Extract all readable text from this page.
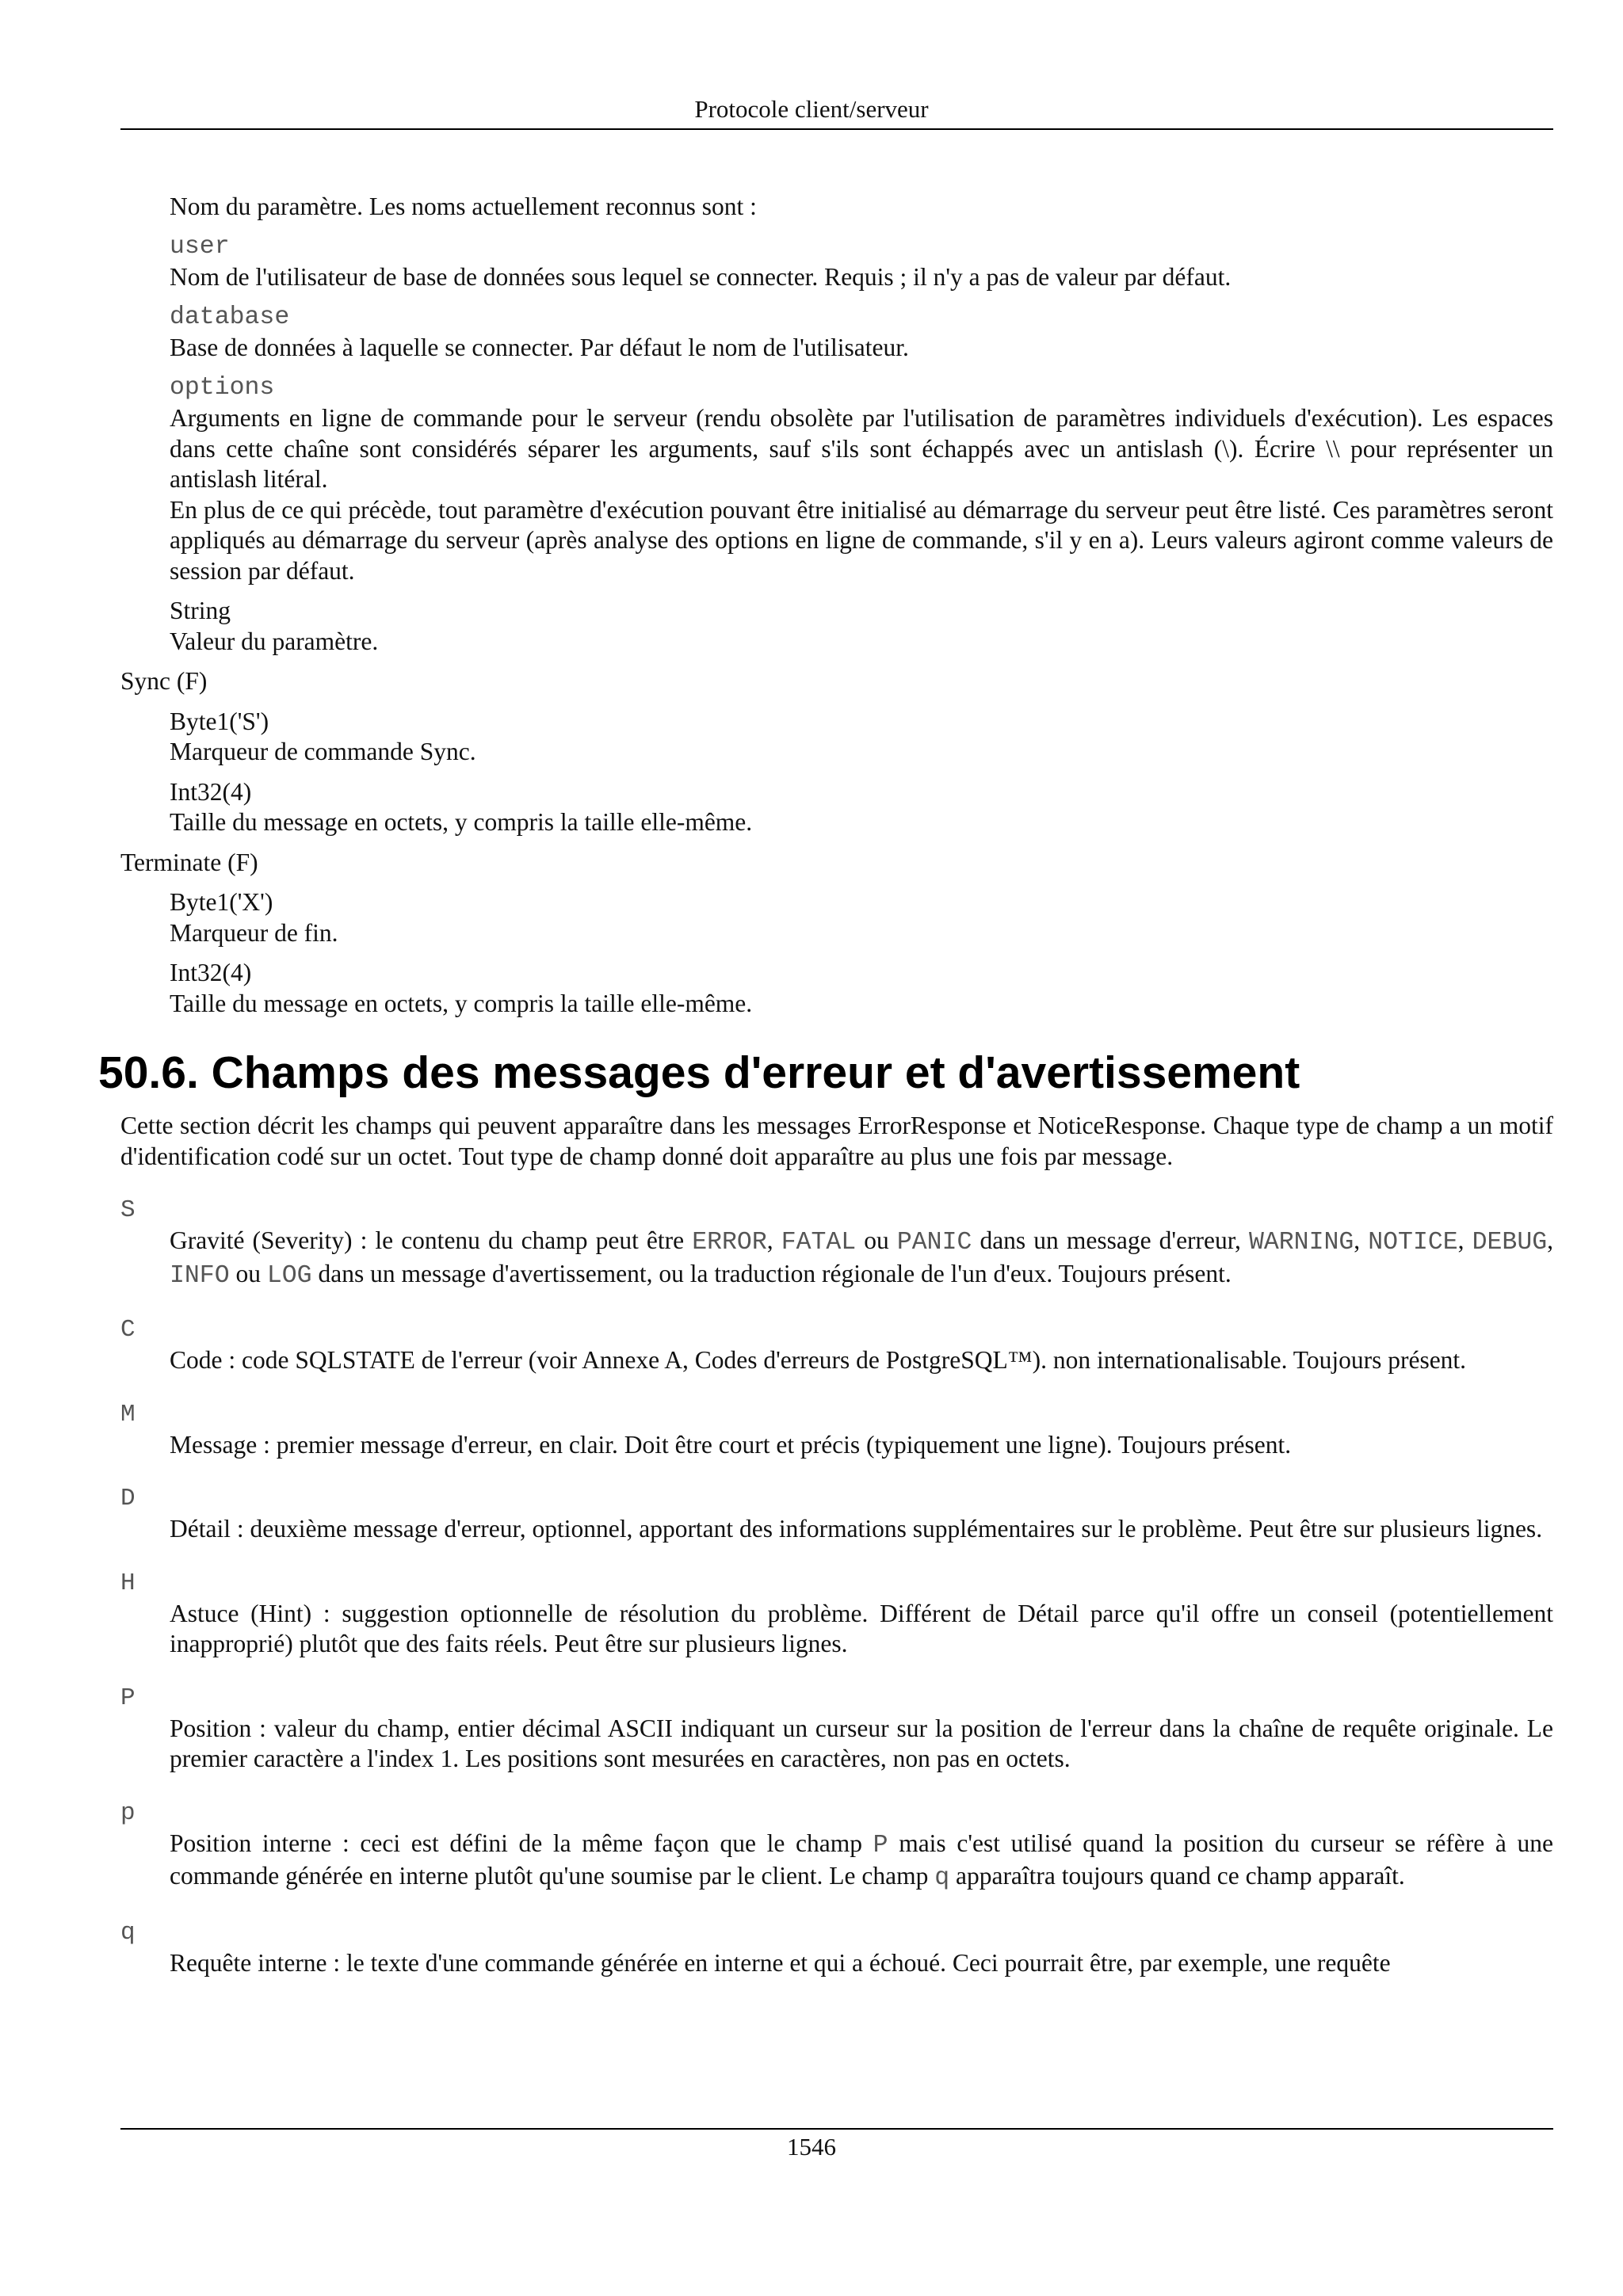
Protocole client/serveur

Nom du paramètre. Les noms actuellement reconnus sont :

user

Nom de l'utilisateur de base de données sous lequel se connecter. Requis ; il n'y a pas de valeur par défaut.

database

Base de données à laquelle se connecter. Par défaut le nom de l'utilisateur.

options

Arguments en ligne de commande pour le serveur (rendu obsolète par l'utilisation de paramètres individuels d'exécution). Les espaces dans cette chaîne sont considérés séparer les arguments, sauf s'ils sont échappés avec un antislash (\). Écrire \\ pour représenter un antislash litéral.

En plus de ce qui précède, tout paramètre d'exécution pouvant être initialisé au démarrage du serveur peut être listé. Ces paramètres seront appliqués au démarrage du serveur (après analyse des options en ligne de commande, s'il y en a). Leurs valeurs agiront comme valeurs de session par défaut.

String

Valeur du paramètre.

Sync (F)

Byte1('S')

Marqueur de commande Sync.

Int32(4)

Taille du message en octets, y compris la taille elle-même.

Terminate (F)

Byte1('X')

Marqueur de fin.

Int32(4)

Taille du message en octets, y compris la taille elle-même.

50.6. Champs des messages d'erreur et d'avertissement

Cette section décrit les champs qui peuvent apparaître dans les messages ErrorResponse et NoticeResponse. Chaque type de champ a un motif d'identification codé sur un octet. Tout type de champ donné doit apparaître au plus une fois par message.

S

Gravité (Severity) : le contenu du champ peut être ERROR, FATAL ou PANIC dans un message d'erreur, WARNING, NOTICE, DEBUG, INFO ou LOG dans un message d'avertissement, ou la traduction régionale de l'un d'eux. Toujours présent.

C

Code : code SQLSTATE de l'erreur (voir Annexe A, Codes d'erreurs de PostgreSQL™). non internationalisable. Toujours présent.

M

Message : premier message d'erreur, en clair. Doit être court et précis (typiquement une ligne). Toujours présent.

D

Détail : deuxième message d'erreur, optionnel, apportant des informations supplémentaires sur le problème. Peut être sur plusieurs lignes.

H

Astuce (Hint) : suggestion optionnelle de résolution du problème. Différent de Détail parce qu'il offre un conseil (potentiellement inapproprié) plutôt que des faits réels. Peut être sur plusieurs lignes.

P

Position : valeur du champ, entier décimal ASCII indiquant un curseur sur la position de l'erreur dans la chaîne de requête originale. Le premier caractère a l'index 1. Les positions sont mesurées en caractères, non pas en octets.

p

Position interne : ceci est défini de la même façon que le champ P mais c'est utilisé quand la position du curseur se réfère à une commande générée en interne plutôt qu'une soumise par le client. Le champ q apparaîtra toujours quand ce champ apparaît.

q

Requête interne : le texte d'une commande générée en interne et qui a échoué. Ceci pourrait être, par exemple, une requête

1546
